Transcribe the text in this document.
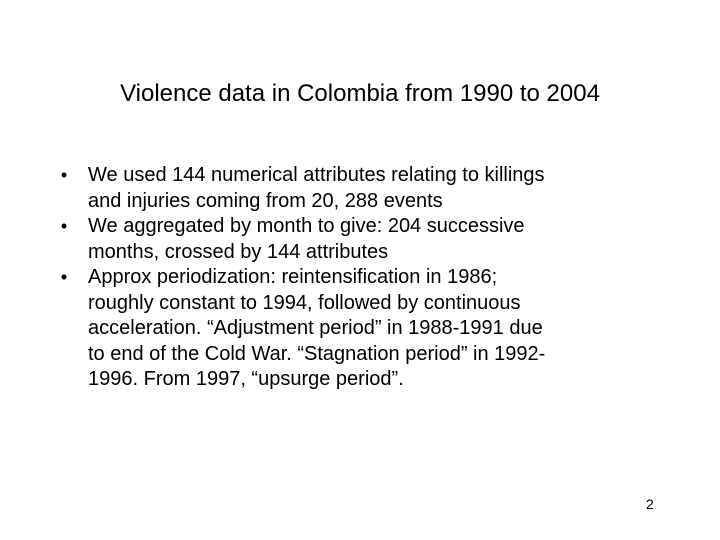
Violence data in Colombia from 1990 to 2004
•	We used 144 numerical attributes relating to killings
and injuries coming from 20, 288 events
•	We aggregated by month to give: 204 successive
months, crossed by 144 attributes
•	Approx periodization: reintensification in 1986;
roughly constant to 1994, followed by continuous
acceleration. “Adjustment period” in 1988-1991 due
to end of the Cold War. “Stagnation period” in 1992-
1996. From 1997, “upsurge period”.
2
